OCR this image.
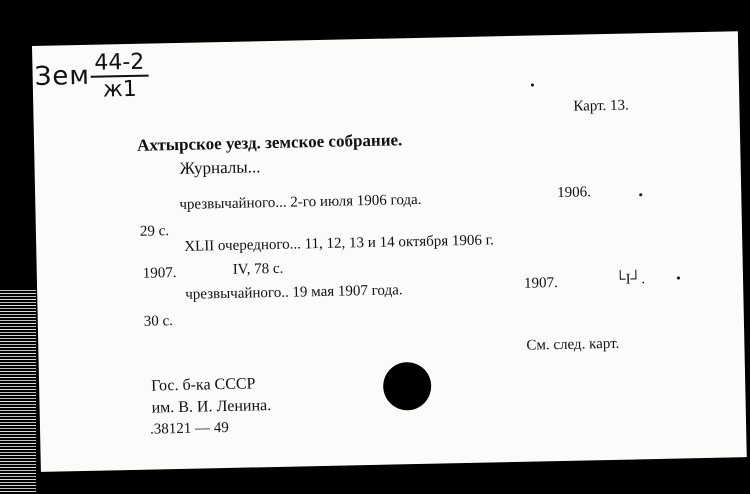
Зем 44-2
ж1
Карт. 13.
Ахтырское уезд. земское собрание.
Журналы...
чрезвычайного... 2-го июля 1906 года.	1906.
29 с.
XLII очередного... 11, 12, 13 и 14 октября 1906 г.
1907.	IV, 78 с.
чрезвычайного.. 19 мая 1907 года.	1907.	└I┘.
30 с.
См. след. карт.
Гос. б-ка СССР
им. В. И. Ленина.
.38121 — 49
